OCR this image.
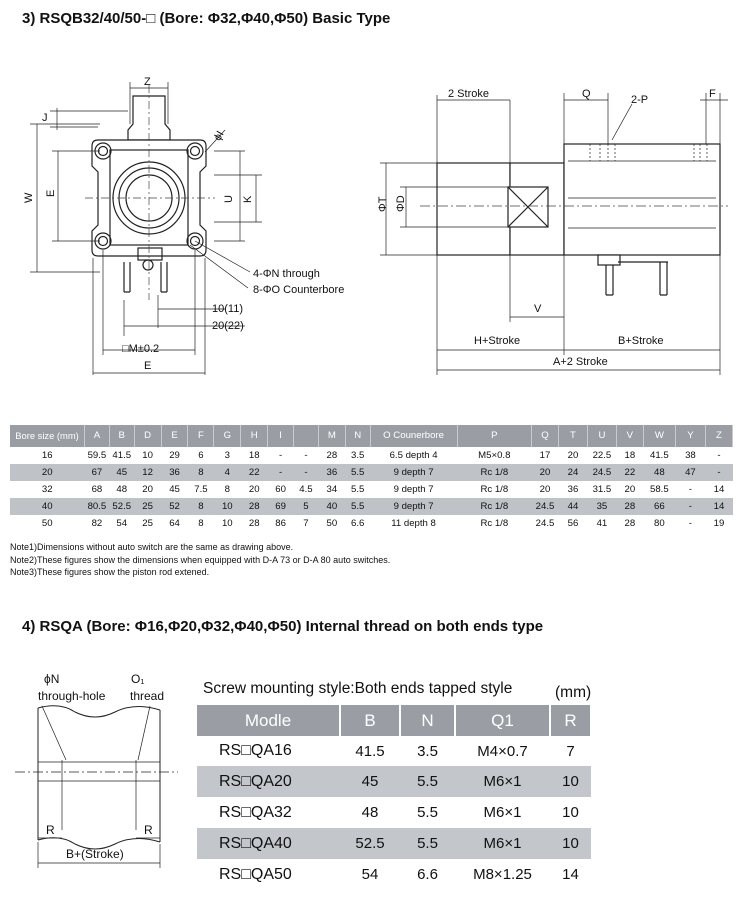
3) RSQB32/40/50-□ (Bore: Φ32,Φ40,Φ50) Basic Type
Z
J
ϕI
W E
U K
4-ΦN through
8-ΦO Counterbore
10(11)
20(22)
□M±0.2
E
2 Stroke	Q	2-P	F
ΦT ΦD
V
H+Stroke	B+Stroke
A+2 Stroke
Bore size (mm)	A	B	D	E	F	G	H	I		M	N	O Counerbore	P	Q	T	U	V	W	Y	Z
16	59.5	41.5	10	29	6	3	18	-	-	28	3.5	6.5 depth 4	M5×0.8	17	20	22.5	18	41.5	38	-
20	67	45	12	36	8	4	22	-	-	36	5.5	9 depth 7	Rc 1/8	20	24	24.5	22	48	47	-
32	68	48	20	45	7.5	8	20	60	4.5	34	5.5	9 depth 7	Rc 1/8	20	36	31.5	20	58.5	-	14
40	80.5	52.5	25	52	8	10	28	69	5	40	5.5	9 depth 7	Rc 1/8	24.5	44	35	28	66	-	14
50	82	54	25	64	8	10	28	86	7	50	6.6	11 depth 8	Rc 1/8	24.5	56	41	28	80	-	19
Note1)Dimensions without auto switch are the same as drawing above.
Note2)These figures show the dimensions when equipped with D-A 73 or D-A 80 auto switches.
Note3)These figures show the piston rod extened.
4) RSQA (Bore: Φ16,Φ20,Φ32,Φ40,Φ50) Internal thread on both ends type
ϕN
through-hole
O₁
thread
R	R
B+(Stroke)
Screw mounting style:Both ends tapped style	(mm)
Modle	B	N	Q1	R
RS□QA16	41.5	3.5	M4×0.7	7
RS□QA20	45	5.5	M6×1	10
RS□QA32	48	5.5	M6×1	10
RS□QA40	52.5	5.5	M6×1	10
RS□QA50	54	6.6	M8×1.25	14
